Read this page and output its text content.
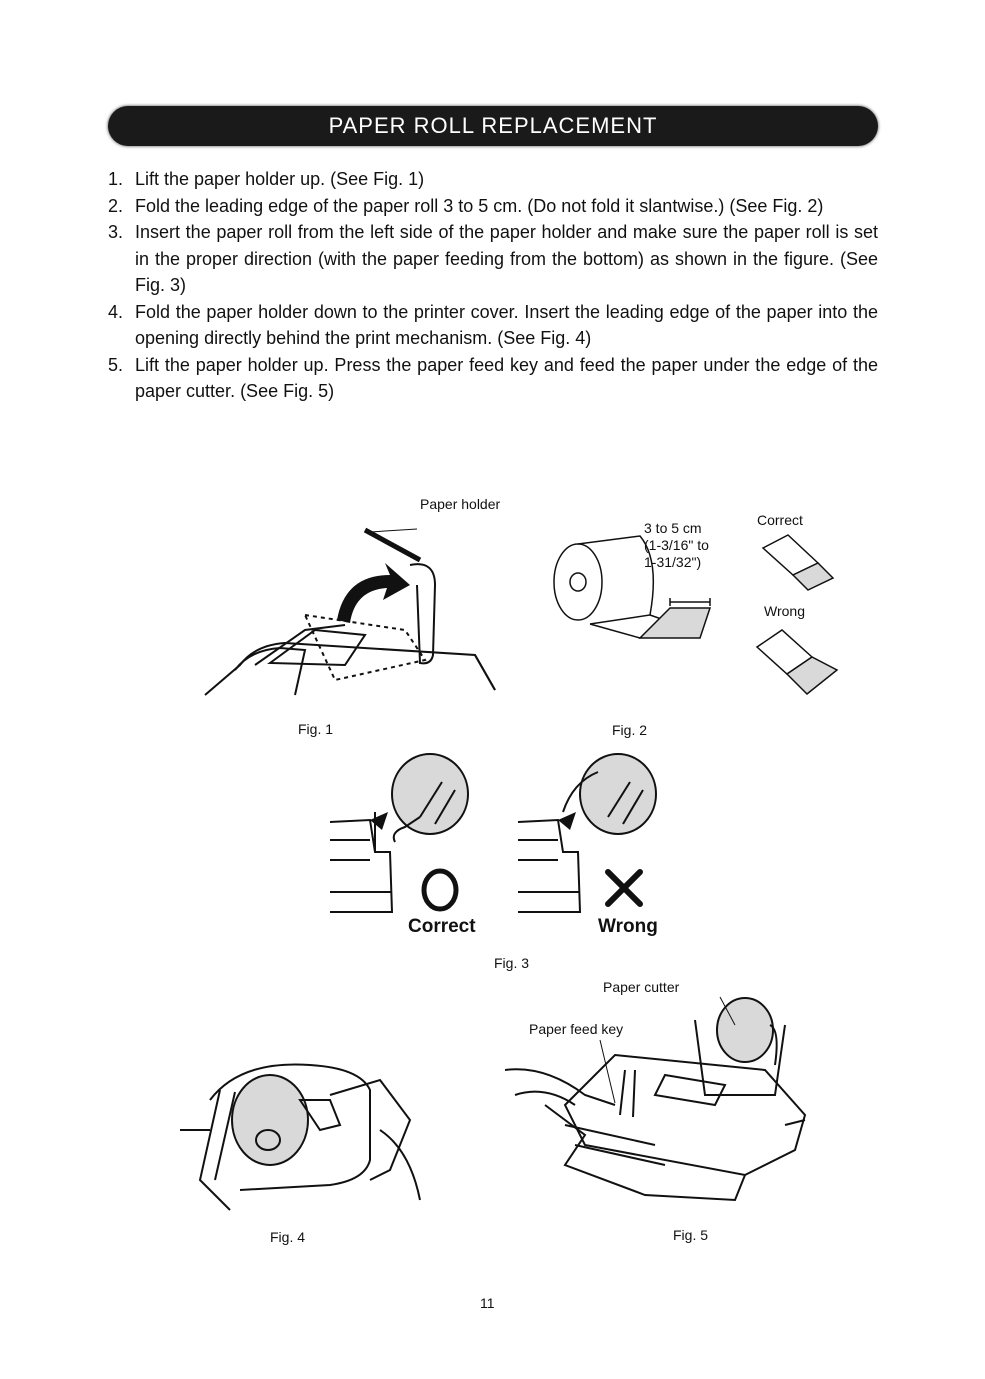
PAPER ROLL REPLACEMENT
1. Lift the paper holder up. (See Fig. 1)
2. Fold the leading edge of the paper roll 3 to 5 cm. (Do not fold it slantwise.) (See Fig. 2)
3. Insert the paper roll from the left side of the paper holder and make sure the paper roll is set in the proper direction (with the paper feeding from the bottom) as shown in the figure. (See Fig. 3)
4. Fold the paper holder down to the printer cover. Insert the leading edge of the paper into the opening directly behind the print mechanism. (See Fig. 4)
5. Lift the paper holder up. Press the paper feed key and feed the paper under the edge of the paper cutter. (See Fig. 5)
Paper holder
Fig. 1
3 to 5 cm
(1-3/16" to
1-31/32")
Correct
Wrong
Fig. 2
Correct	Wrong
Fig. 3
Fig. 4
Paper cutter
Paper feed key
Fig. 5
11
